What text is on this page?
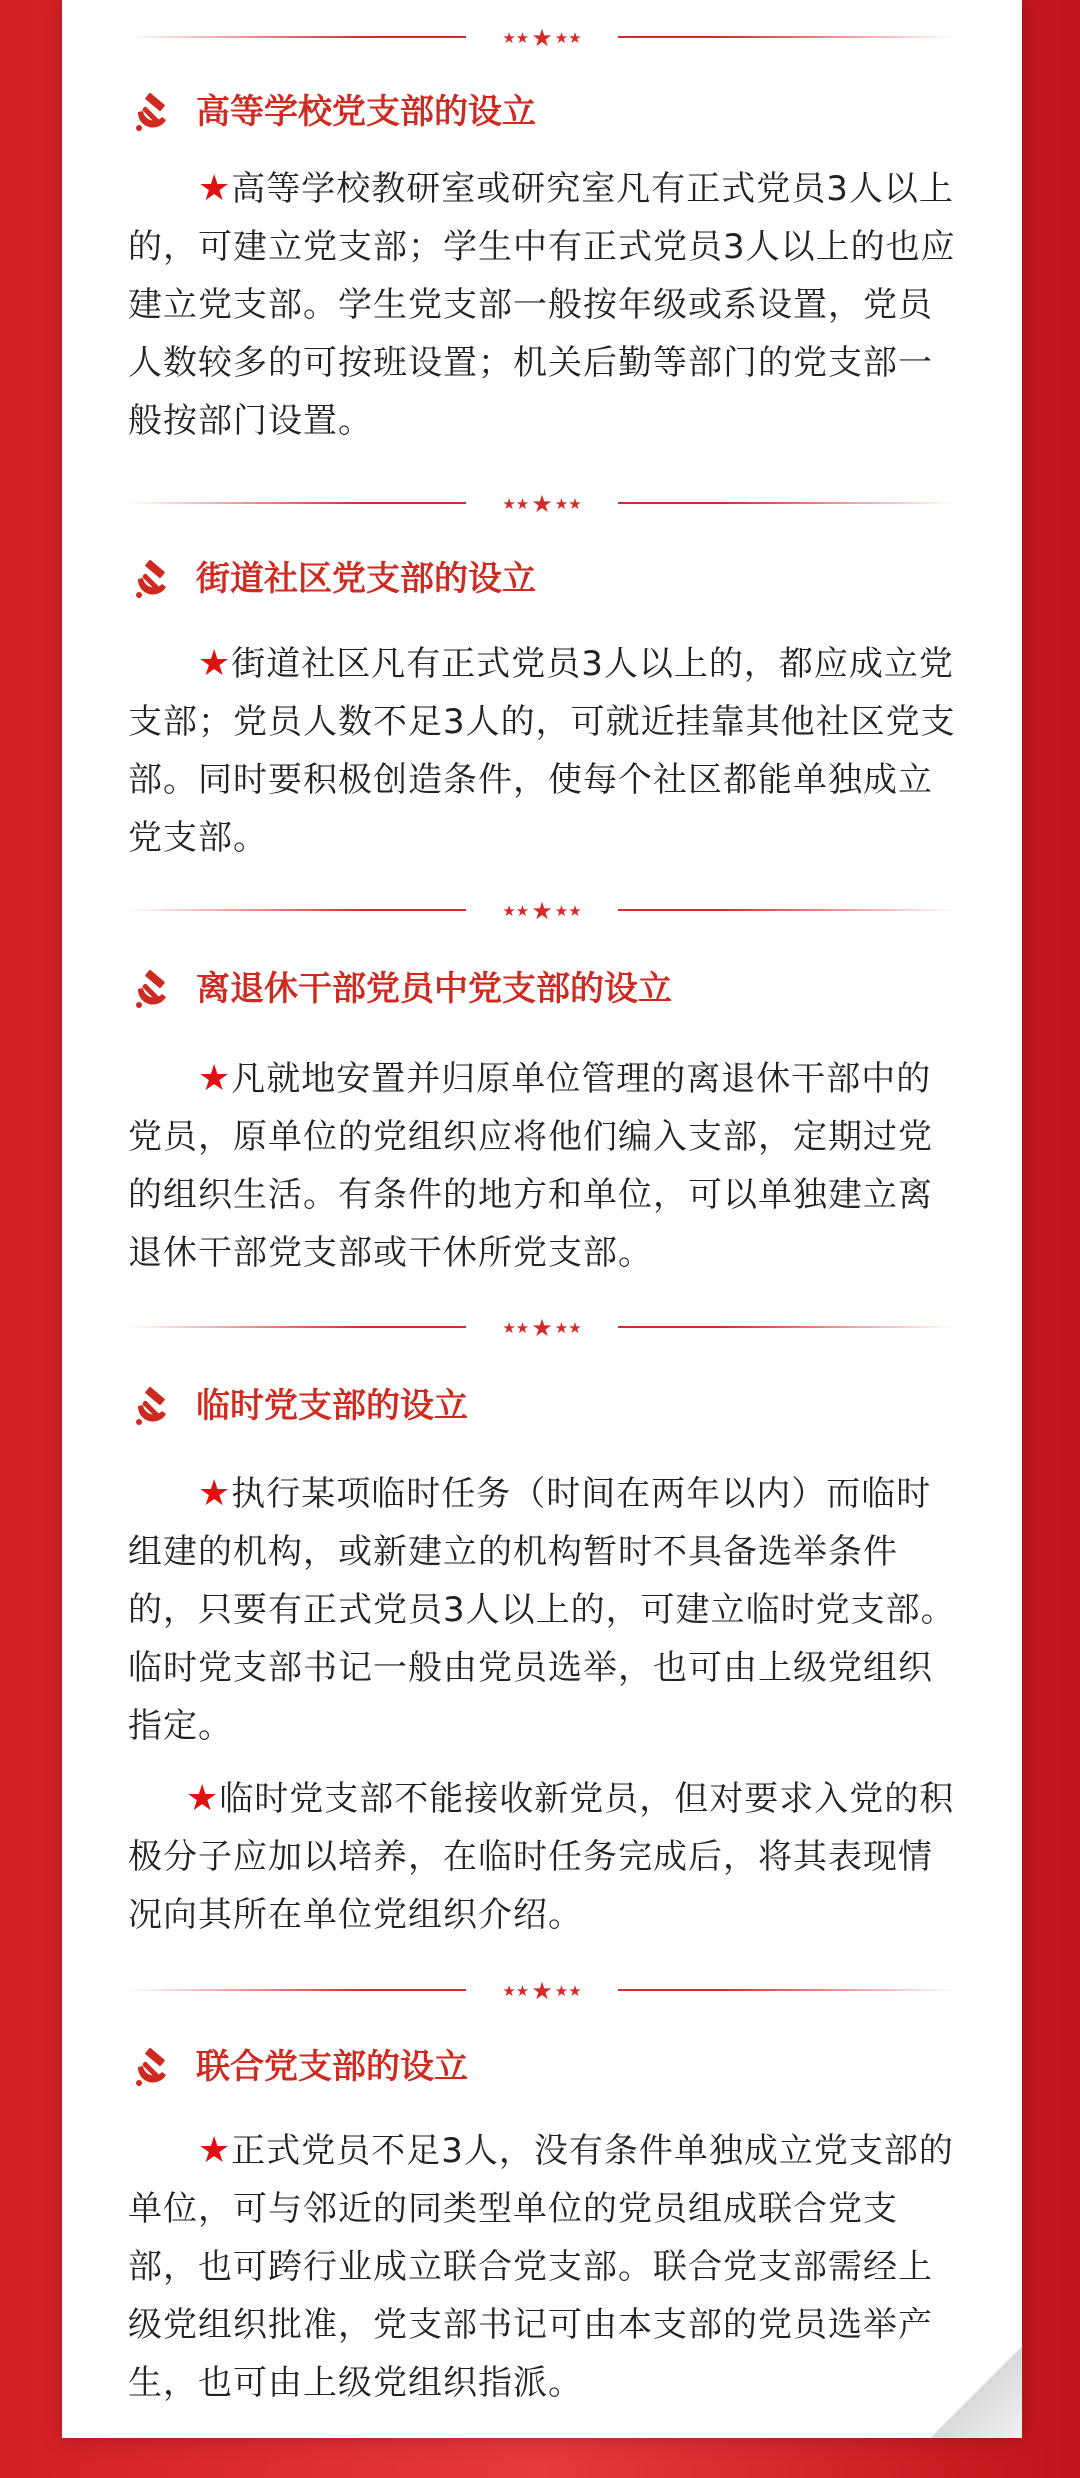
★★★ ★★
高等学校党支部的设立
★高等学校教研室或研究室凡有正式党员3人以上的，可建立党支部；学生中有正式党员3人以上的也应建立党支部。学生党支部一般按年级或系设置，党员人数较多的可按班设置；机关后勤等部门的党支部一般按部门设置。
★★★ ★★
街道社区党支部的设立
★街道社区凡有正式党员3人以上的，都应成立党支部；党员人数不足3人的，可就近挂靠其他社区党支部。同时要积极创造条件，使每个社区都能单独成立党支部。
★★★ ★★
离退休干部党员中党支部的设立
★凡就地安置并归原单位管理的离退休干部中的党员，原单位的党组织应将他们编入支部，定期过党的组织生活。有条件的地方和单位，可以单独建立离退休干部党支部或干休所党支部。
★★★ ★★
临时党支部的设立
★执行某项临时任务（时间在两年以内）而临时组建的机构，或新建立的机构暂时不具备选举条件的，只要有正式党员3人以上的，可建立临时党支部。临时党支部书记一般由党员选举，也可由上级党组织指定。
★临时党支部不能接收新党员，但对要求入党的积极分子应加以培养，在临时任务完成后，将其表现情况向其所在单位党组织介绍。
★★★ ★★
联合党支部的设立
★正式党员不足3人，没有条件单独成立党支部的单位，可与邻近的同类型单位的党员组成联合党支部，也可跨行业成立联合党支部。联合党支部需经上级党组织批准，党支部书记可由本支部的党员选举产生，也可由上级党组织指派。
